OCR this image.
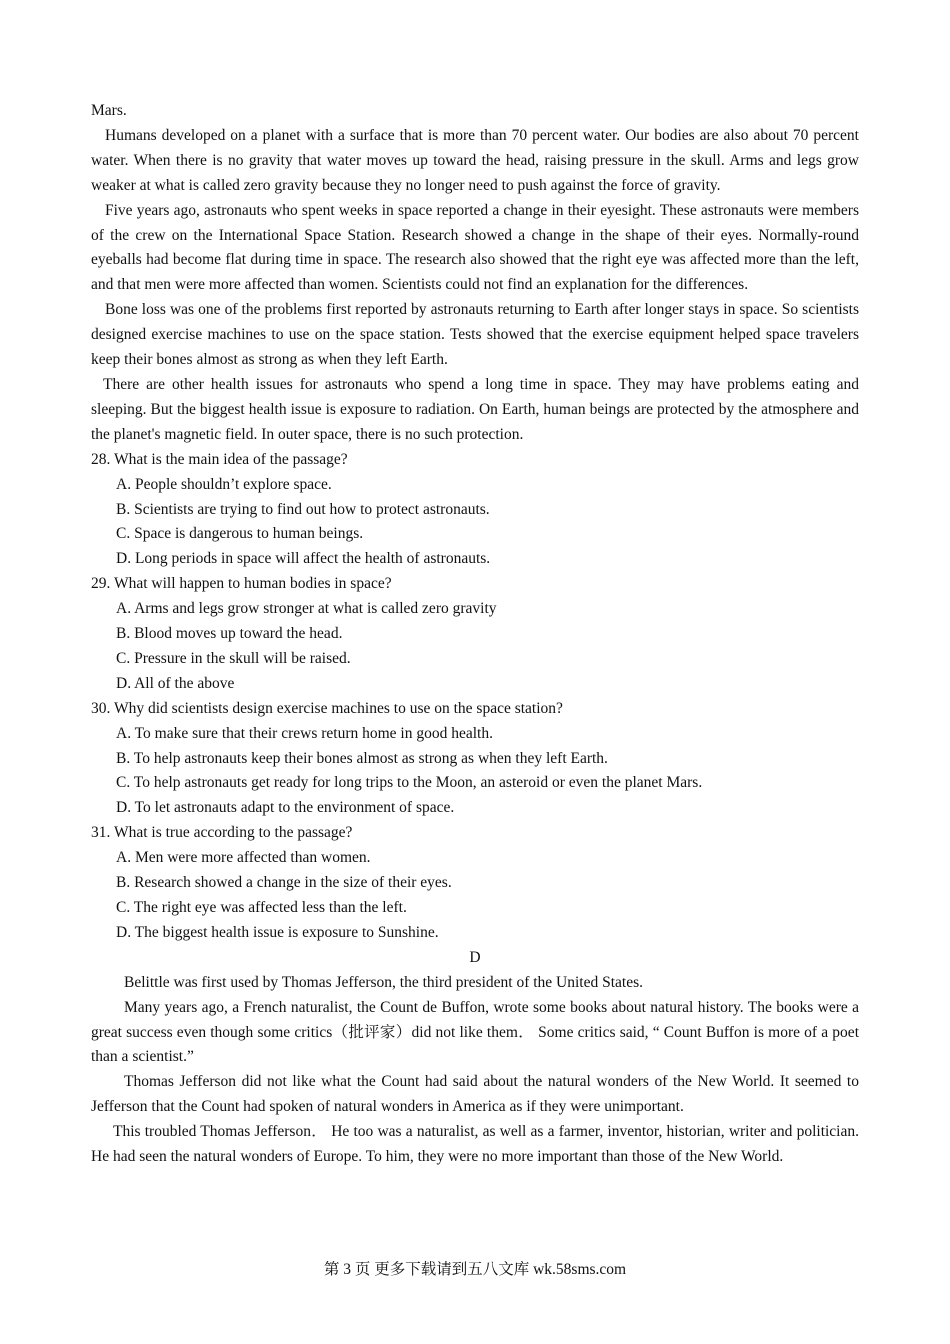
Mars.

Humans developed on a planet with a surface that is more than 70 percent water. Our bodies are also about 70 percent water. When there is no gravity that water moves up toward the head, raising pressure in the skull. Arms and legs grow weaker at what is called zero gravity because they no longer need to push against the force of gravity.

Five years ago, astronauts who spent weeks in space reported a change in their eyesight. These astronauts were members of the crew on the International Space Station. Research showed a change in the shape of their eyes. Normally-round eyeballs had become flat during time in space. The research also showed that the right eye was affected more than the left, and that men were more affected than women. Scientists could not find an explanation for the differences.

Bone loss was one of the problems first reported by astronauts returning to Earth after longer stays in space. So scientists designed exercise machines to use on the space station. Tests showed that the exercise equipment helped space travelers keep their bones almost as strong as when they left Earth.

There are other health issues for astronauts who spend a long time in space. They may have problems eating and sleeping. But the biggest health issue is exposure to radiation. On Earth, human beings are protected by the atmosphere and the planet's magnetic field. In outer space, there is no such protection.

28. What is the main idea of the passage?

A. People shouldn’t explore space.

B. Scientists are trying to find out how to protect astronauts.

C. Space is dangerous to human beings.

D. Long periods in space will affect the health of astronauts.

29. What will happen to human bodies in space?

A. Arms and legs grow stronger at what is called zero gravity

B. Blood moves up toward the head.

C. Pressure in the skull will be raised.

D. All of the above

30. Why did scientists design exercise machines to use on the space station?

A. To make sure that their crews return home in good health.

B. To help astronauts keep their bones almost as strong as when they left Earth.

C. To help astronauts get ready for long trips to the Moon, an asteroid or even the planet Mars.

D. To let astronauts adapt to the environment of space.

31. What is true according to the passage?

A. Men were more affected than women.

B. Research showed a change in the size of their eyes.

C. The right eye was affected less than the left.

D. The biggest health issue is exposure to Sunshine.

D

Belittle was first used by Thomas Jefferson, the third president of the United States.

Many years ago, a French naturalist, the Count de Buffon, wrote some books about natural history. The books were a great success even though some critics（批评家）did not like them． Some critics said, “ Count Buffon is more of a poet than a scientist.”

Thomas Jefferson did not like what the Count had said about the natural wonders of the New World. It seemed to Jefferson that the Count had spoken of natural wonders in America as if they were unimportant.

This troubled Thomas Jefferson． He too was a naturalist, as well as a farmer, inventor, historian, writer and politician. He had seen the natural wonders of Europe. To him, they were no more important than those of the New World.

第 3 页 更多下载请到五八文库 wk.58sms.com
